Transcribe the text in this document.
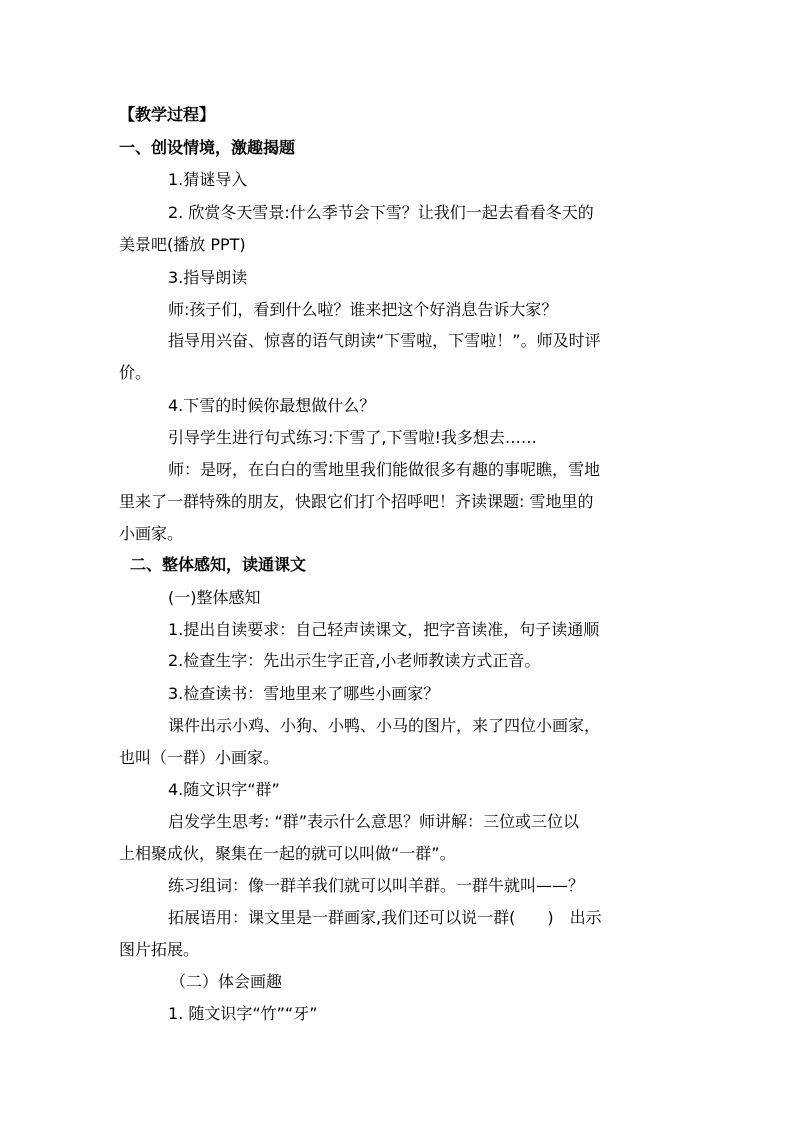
【教学过程】

一、创设情境，激趣揭题

1.猜谜导入

2. 欣赏冬天雪景:什么季节会下雪？让我们一起去看看冬天的

美景吧(播放 PPT)

3.指导朗读

师:孩子们，看到什么啦？谁来把这个好消息告诉大家？

指导用兴奋、惊喜的语气朗读“下雪啦，下雪啦！”。师及时评

价。

4.下雪的时候你最想做什么？

引导学生进行句式练习:下雪了,下雪啦!我多想去……

师：是呀，在白白的雪地里我们能做很多有趣的事呢瞧，雪地

里来了一群特殊的朋友，快跟它们打个招呼吧！齐读课题: 雪地里的

小画家。

二、整体感知，读通课文

(一)整体感知

1.提出自读要求：自己轻声读课文，把字音读准，句子读通顺

2.检查生字：先出示生字正音,小老师教读方式正音。

3.检查读书：雪地里来了哪些小画家？

课件出示小鸡、小狗、小鸭、小马的图片，来了四位小画家，

也叫（一群）小画家。

4.随文识字“群”

启发学生思考: “群”表示什么意思？师讲解：三位或三位以

上相聚成伙，聚集在一起的就可以叫做“一群”。

练习组词：像一群羊我们就可以叫羊群。一群牛就叫——？

拓展语用：课文里是一群画家,我们还可以说一群(　　)　出示

图片拓展。

（二）体会画趣

1. 随文识字“竹”“牙”
